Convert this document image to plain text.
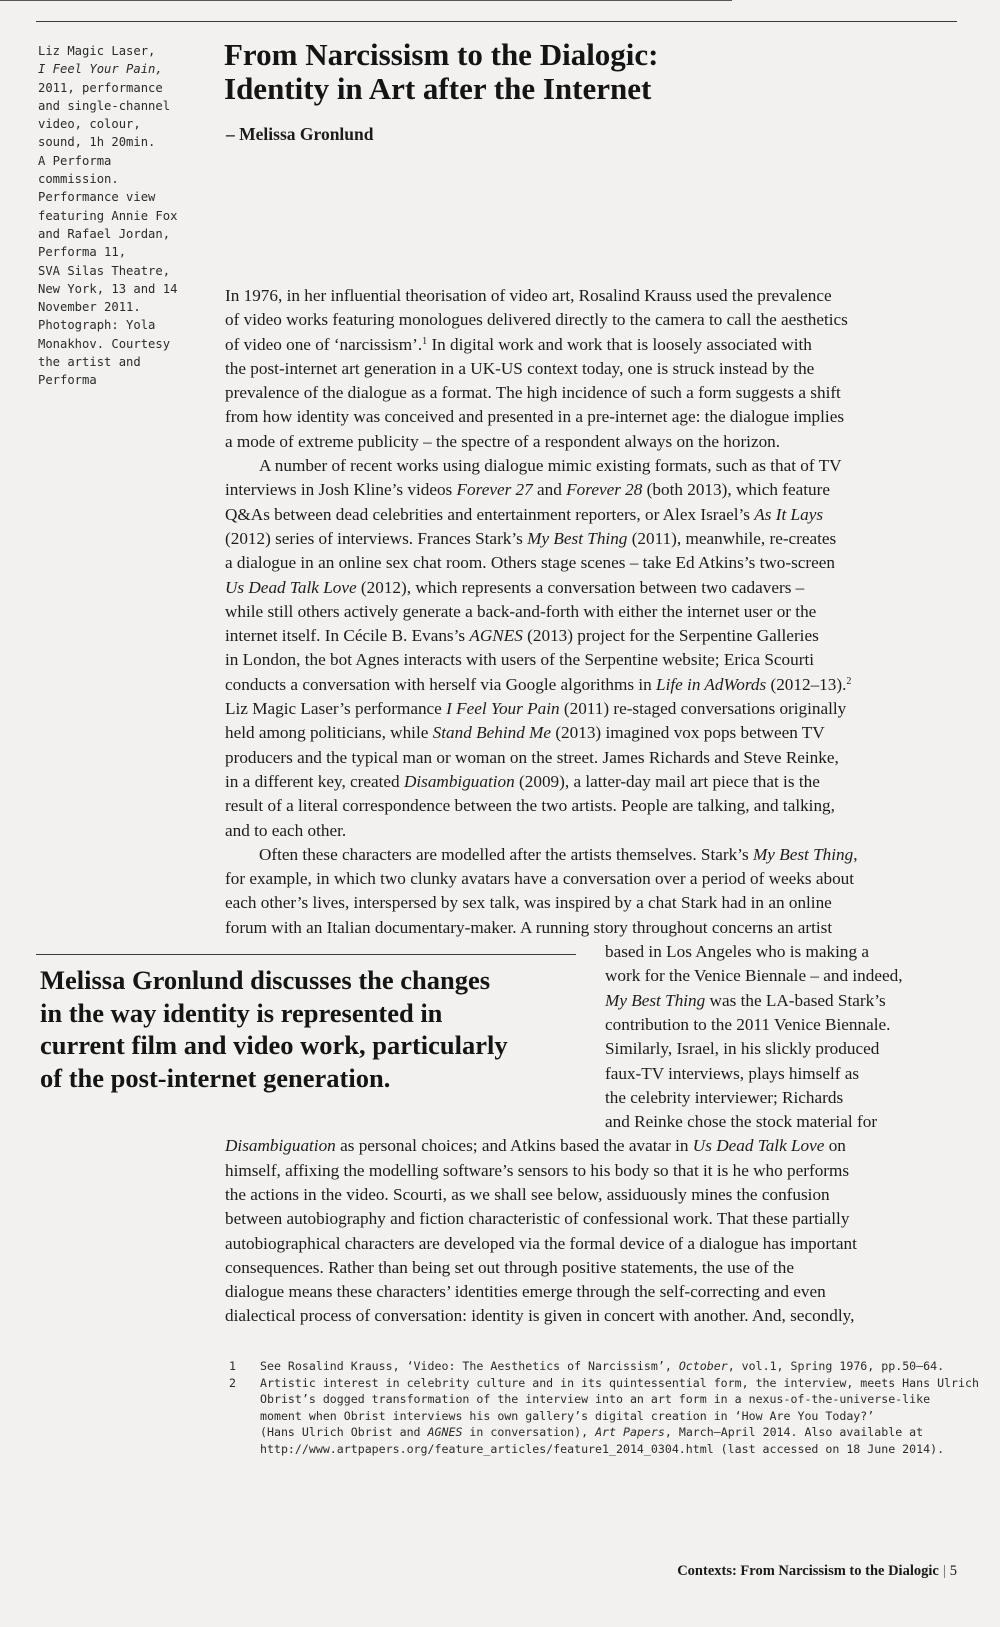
Liz Magic Laser,
I Feel Your Pain,
2011, performance
and single-channel
video, colour,
sound, 1h 20min.
A Performa
commission.
Performance view
featuring Annie Fox
and Rafael Jordan,
Performa 11,
SVA Silas Theatre,
New York, 13 and 14
November 2011.
Photograph: Yola
Monakhov. Courtesy
the artist and
Performa
From Narcissism to the Dialogic:
Identity in Art after the Internet
– Melissa Gronlund
In 1976, in her influential theorisation of video art, Rosalind Krauss used the prevalence
of video works featuring monologues delivered directly to the camera to call the aesthetics
of video one of ‘narcissism’.$^1$ In digital work and work that is loosely associated with
the post-internet art generation in a UK-US context today, one is struck instead by the
prevalence of the dialogue as a format. The high incidence of such a form suggests a shift
from how identity was conceived and presented in a pre-internet age: the dialogue implies
a mode of extreme publicity – the spectre of a respondent always on the horizon.
A number of recent works using dialogue mimic existing formats, such as that of TV
interviews in Josh Kline’s videos Forever 27 and Forever 28 (both 2013), which feature
Q&As between dead celebrities and entertainment reporters, or Alex Israel’s As It Lays
(2012) series of interviews. Frances Stark’s My Best Thing (2011), meanwhile, re-creates
a dialogue in an online sex chat room. Others stage scenes – take Ed Atkins’s two-screen
Us Dead Talk Love (2012), which represents a conversation between two cadavers –
while still others actively generate a back-and-forth with either the internet user or the
internet itself. In Cécile B. Evans’s AGNES (2013) project for the Serpentine Galleries
in London, the bot Agnes interacts with users of the Serpentine website; Erica Scourti
conducts a conversation with herself via Google algorithms in Life in AdWords (2012–13).$^2$
Liz Magic Laser’s performance I Feel Your Pain (2011) re-staged conversations originally
held among politicians, while Stand Behind Me (2013) imagined vox pops between TV
producers and the typical man or woman on the street. James Richards and Steve Reinke,
in a different key, created Disambiguation (2009), a latter-day mail art piece that is the
result of a literal correspondence between the two artists. People are talking, and talking,
and to each other.
Often these characters are modelled after the artists themselves. Stark’s My Best Thing,
for example, in which two clunky avatars have a conversation over a period of weeks about
each other’s lives, interspersed by sex talk, was inspired by a chat Stark had in an online
forum with an Italian documentary-maker. A running story throughout concerns an artist
based in Los Angeles who is making a
work for the Venice Biennale – and indeed,
My Best Thing was the LA-based Stark’s
contribution to the 2011 Venice Biennale.
Similarly, Israel, in his slickly produced
faux-TV interviews, plays himself as
the celebrity interviewer; Richards
and Reinke chose the stock material for
Disambiguation as personal choices; and Atkins based the avatar in Us Dead Talk Love on
himself, affixing the modelling software’s sensors to his body so that it is he who performs
the actions in the video. Scourti, as we shall see below, assiduously mines the confusion
between autobiography and fiction characteristic of confessional work. That these partially
autobiographical characters are developed via the formal device of a dialogue has important
consequences. Rather than being set out through positive statements, the use of the
dialogue means these characters’ identities emerge through the self-correcting and even
dialectical process of conversation: identity is given in concert with another. And, secondly,
Melissa Gronlund discusses the changes
in the way identity is represented in
current film and video work, particularly
of the post-internet generation.
1 See Rosalind Krauss, ‘Video: The Aesthetics of Narcissism’, October, vol.1, Spring 1976, pp.50–64.
2 Artistic interest in celebrity culture and in its quintessential form, the interview, meets Hans Ulrich
Obrist’s dogged transformation of the interview into an art form in a nexus-of-the-universe-like
moment when Obrist interviews his own gallery’s digital creation in ‘How Are You Today?’
(Hans Ulrich Obrist and AGNES in conversation), Art Papers, March–April 2014. Also available at
http://www.artpapers.org/feature_articles/feature1_2014_0304.html (last accessed on 18 June 2014).
Contexts: From Narcissism to the Dialogic | 5
